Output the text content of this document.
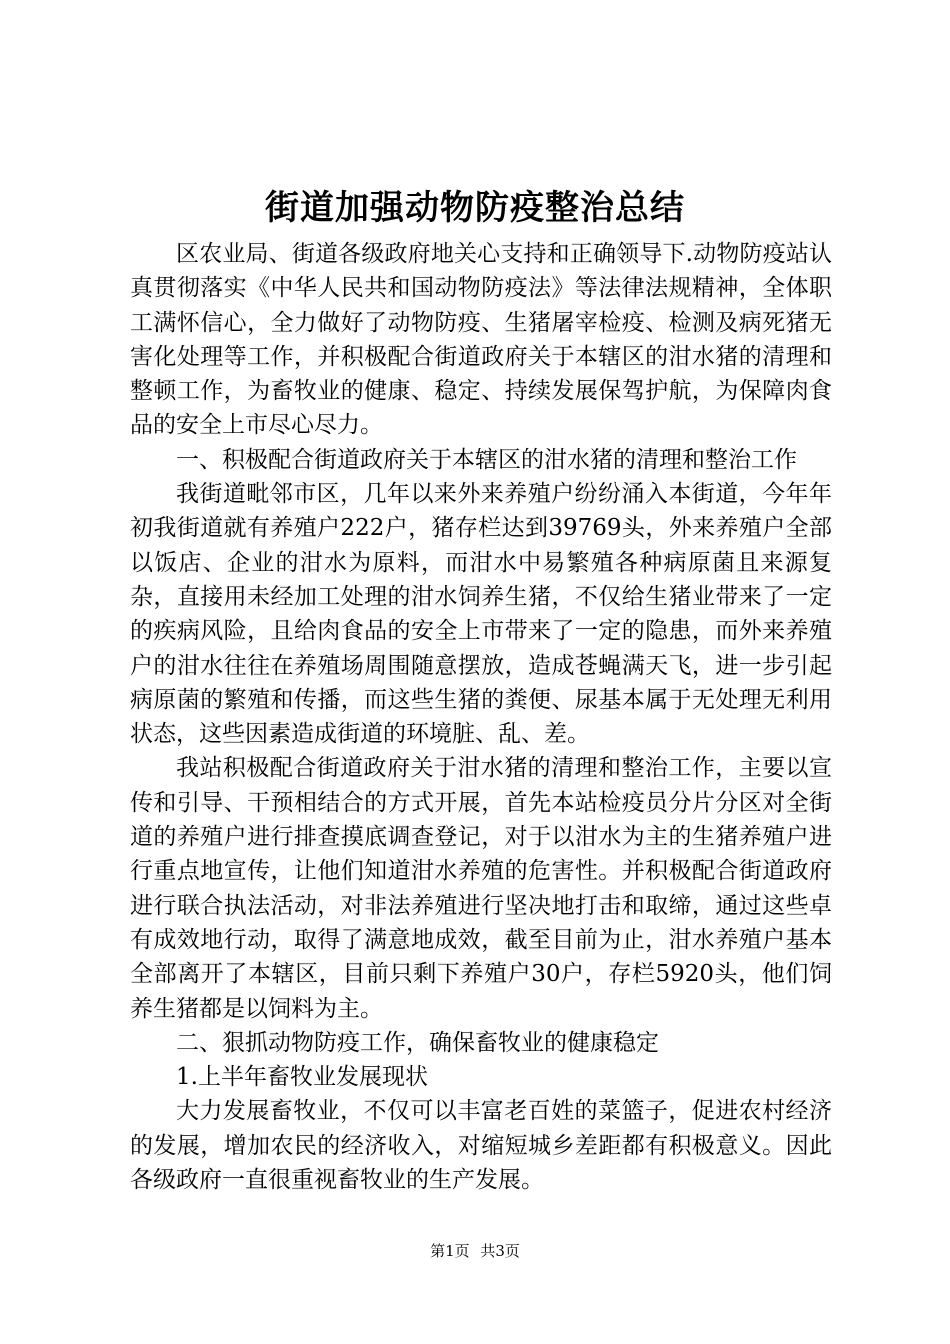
街道加强动物防疫整治总结

区农业局、街道各级政府地关心支持和正确领导下.动物防疫站认真贯彻落实《中华人民共和国动物防疫法》等法律法规精神，全体职工满怀信心，全力做好了动物防疫、生猪屠宰检疫、检测及病死猪无害化处理等工作，并积极配合街道政府关于本辖区的泔水猪的清理和整顿工作，为畜牧业的健康、稳定、持续发展保驾护航，为保障肉食品的安全上市尽心尽力。

一、积极配合街道政府关于本辖区的泔水猪的清理和整治工作

我街道毗邻市区，几年以来外来养殖户纷纷涌入本街道，今年年初我街道就有养殖户222户，猪存栏达到39769头，外来养殖户全部以饭店、企业的泔水为原料，而泔水中易繁殖各种病原菌且来源复杂，直接用未经加工处理的泔水饲养生猪，不仅给生猪业带来了一定的疾病风险，且给肉食品的安全上市带来了一定的隐患，而外来养殖户的泔水往往在养殖场周围随意摆放，造成苍蝇满天飞，进一步引起病原菌的繁殖和传播，而这些生猪的粪便、尿基本属于无处理无利用状态，这些因素造成街道的环境脏、乱、差。

我站积极配合街道政府关于泔水猪的清理和整治工作，主要以宣传和引导、干预相结合的方式开展，首先本站检疫员分片分区对全街道的养殖户进行排查摸底调查登记，对于以泔水为主的生猪养殖户进行重点地宣传，让他们知道泔水养殖的危害性。并积极配合街道政府进行联合执法活动，对非法养殖进行坚决地打击和取缔，通过这些卓有成效地行动，取得了满意地成效，截至目前为止，泔水养殖户基本全部离开了本辖区，目前只剩下养殖户30户，存栏5920头，他们饲养生猪都是以饲料为主。

二、狠抓动物防疫工作，确保畜牧业的健康稳定

1.上半年畜牧业发展现状

大力发展畜牧业，不仅可以丰富老百姓的菜篮子，促进农村经济的发展，增加农民的经济收入，对缩短城乡差距都有积极意义。因此各级政府一直很重视畜牧业的生产发展。

第1页 共3页
